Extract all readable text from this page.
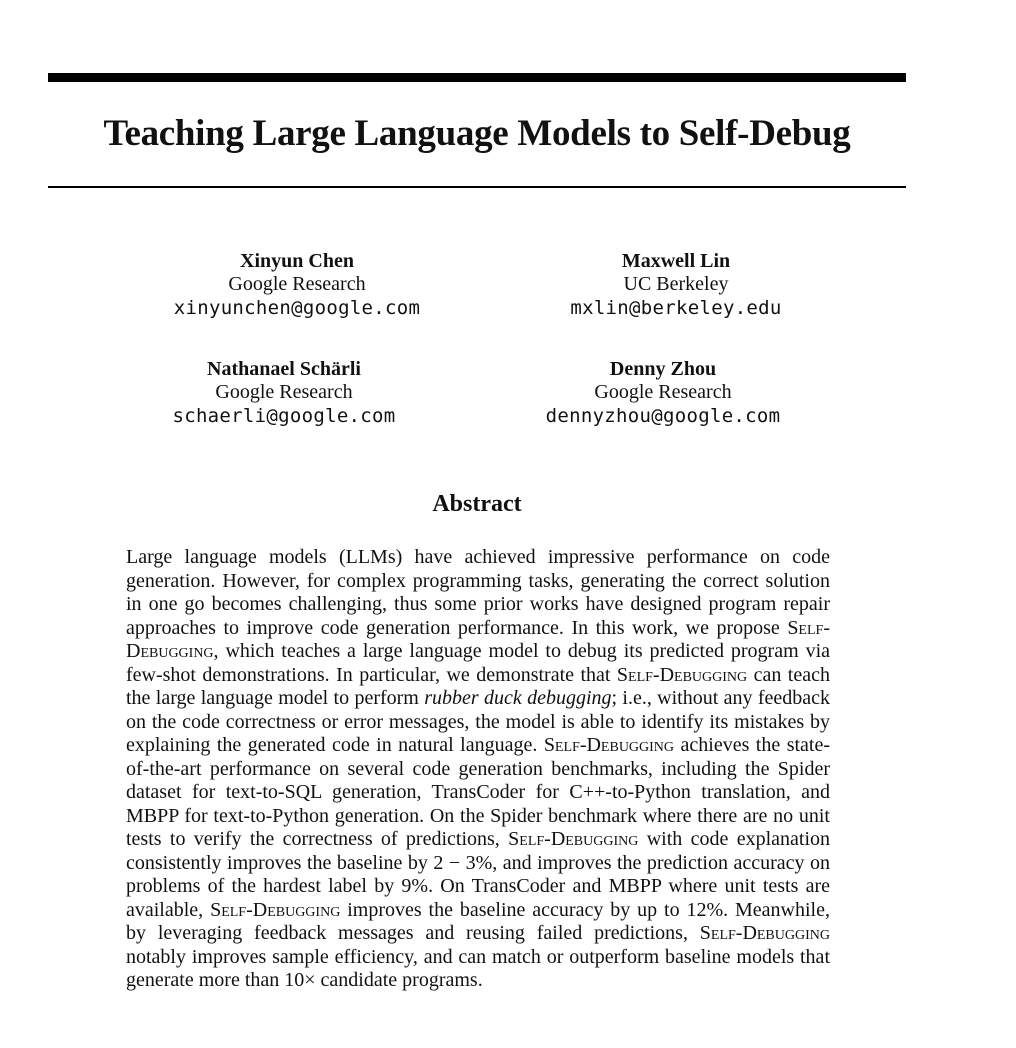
Teaching Large Language Models to Self-Debug
Xinyun Chen
Google Research
xinyunchen@google.com
Maxwell Lin
UC Berkeley
mxlin@berkeley.edu
Nathanael Schärli
Google Research
schaerli@google.com
Denny Zhou
Google Research
dennyzhou@google.com
Abstract

Large language models (LLMs) have achieved impressive performance on code generation. However, for complex programming tasks, generating the correct solution in one go becomes challenging, thus some prior works have designed program repair approaches to improve code generation performance. In this work, we propose Self-Debugging, which teaches a large language model to debug its predicted program via few-shot demonstrations. In particular, we demonstrate that Self-Debugging can teach the large language model to perform rubber duck debugging; i.e., without any feedback on the code correctness or error messages, the model is able to identify its mistakes by explaining the generated code in natural language. Self-Debugging achieves the state-of-the-art performance on several code generation benchmarks, including the Spider dataset for text-to-SQL generation, TransCoder for C++-to-Python translation, and MBPP for text-to-Python generation. On the Spider benchmark where there are no unit tests to verify the correctness of predictions, Self-Debugging with code explanation consistently improves the baseline by 2 − 3%, and improves the prediction accuracy on problems of the hardest label by 9%. On TransCoder and MBPP where unit tests are available, Self-Debugging improves the baseline accuracy by up to 12%. Meanwhile, by leveraging feedback messages and reusing failed predictions, Self-Debugging notably improves sample efficiency, and can match or outperform baseline models that generate more than 10× candidate programs.
